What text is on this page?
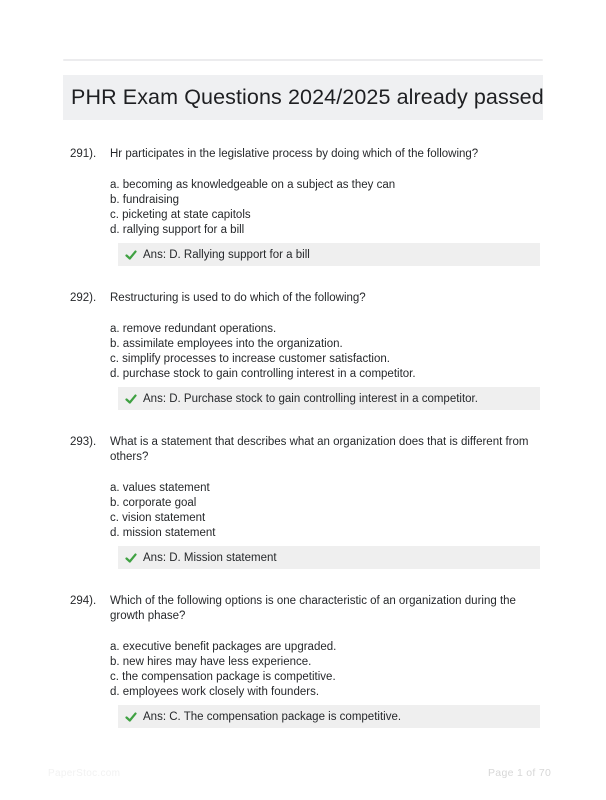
PHR Exam Questions 2024/2025 already passed
291).	Hr participates in the legislative process by doing which of the following?
a. becoming as knowledgeable on a subject as they can
b. fundraising
c. picketing at state capitols
d. rallying support for a bill
Ans: D. Rallying support for a bill
292).	Restructuring is used to do which of the following?
a. remove redundant operations.
b. assimilate employees into the organization.
c. simplify processes to increase customer satisfaction.
d. purchase stock to gain controlling interest in a competitor.
Ans: D. Purchase stock to gain controlling interest in a competitor.
293).	What is a statement that describes what an organization does that is different from others?
a. values statement
b. corporate goal
c. vision statement
d. mission statement
Ans: D. Mission statement
294).	Which of the following options is one characteristic of an organization during the growth phase?
a. executive benefit packages are upgraded.
b. new hires may have less experience.
c. the compensation package is competitive.
d. employees work closely with founders.
Ans: C. The compensation package is competitive.
PaperStoc.com	Page 1 of 70
